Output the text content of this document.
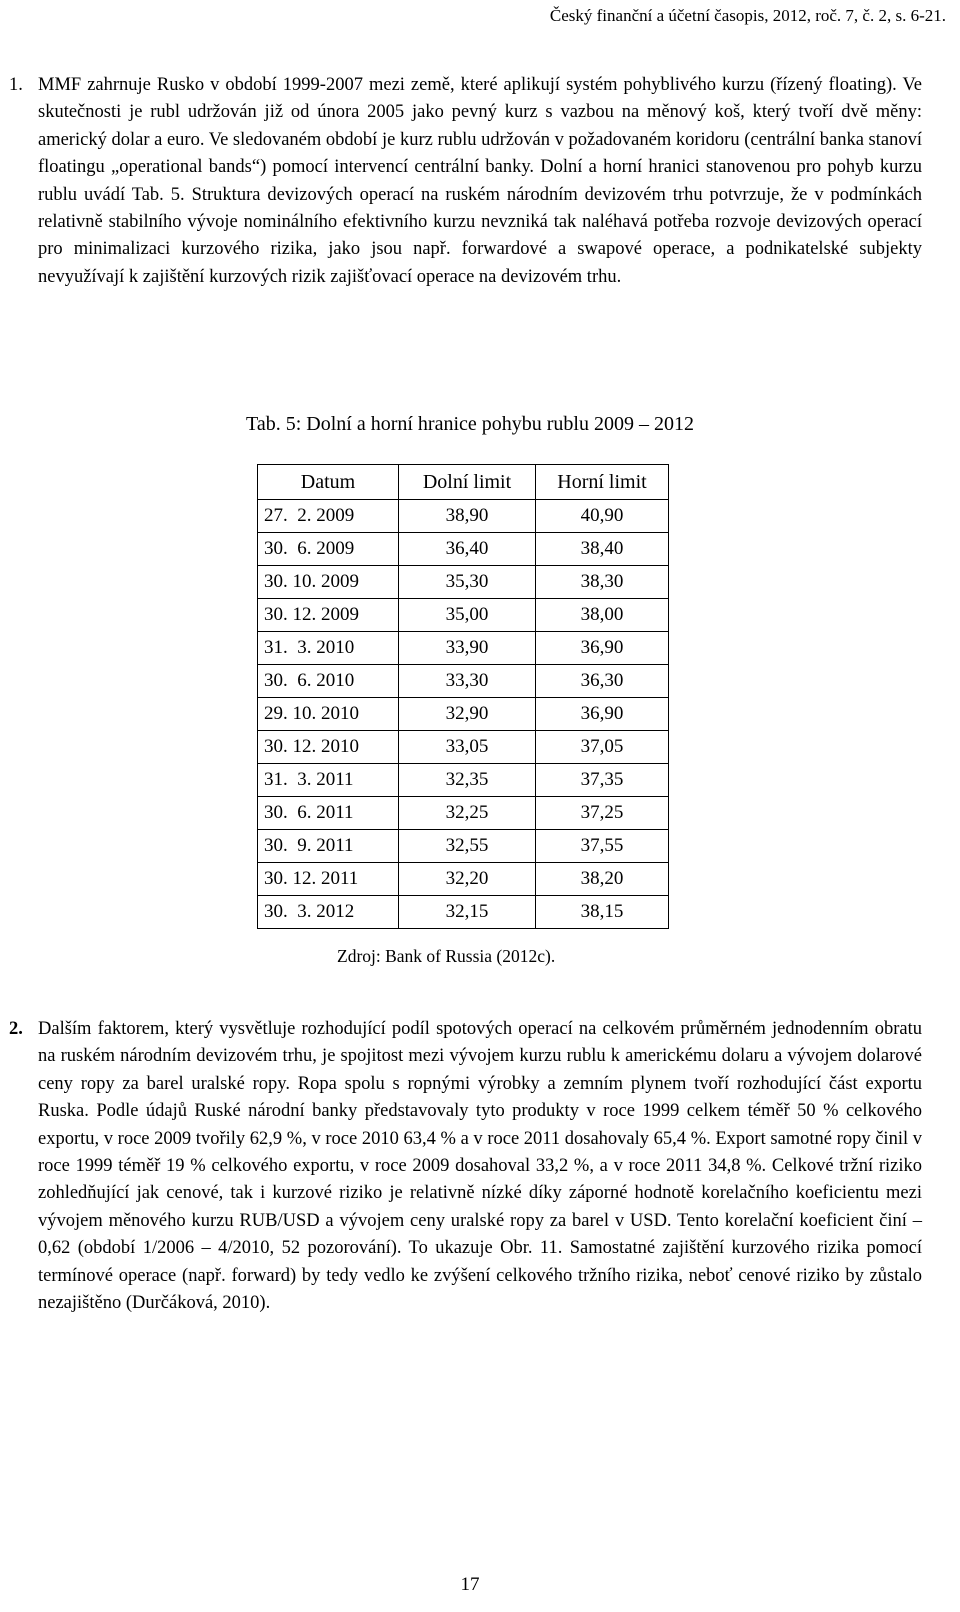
Český finanční a účetní časopis, 2012, roč. 7, č. 2, s. 6-21.
1. MMF zahrnuje Rusko v období 1999-2007 mezi země, které aplikují systém pohyblivého kurzu (řízený floating). Ve skutečnosti je rubl udržován již od února 2005 jako pevný kurz s vazbou na měnový koš, který tvoří dvě měny: americký dolar a euro. Ve sledovaném období je kurz rublu udržován v požadovaném koridoru (centrální banka stanoví floatingu „operational bands“) pomocí intervencí centrální banky. Dolní a horní hranici stanovenou pro pohyb kurzu rublu uvádí Tab. 5. Struktura devizových operací na ruském národním devizovém trhu potvrzuje, že v podmínkách relativně stabilního vývoje nominálního efektivního kurzu nevzniká tak naléhavá potřeba rozvoje devizových operací pro minimalizaci kurzového rizika, jako jsou např. forwardové a swapové operace, a podnikatelské subjekty nevyužívají k zajištění kurzových rizik zajišťovací operace na devizovém trhu.
Tab. 5: Dolní a horní hranice pohybu rublu 2009 – 2012
Datum	Dolní limit	Horní limit
27.  2. 2009	38,90	40,90
30.  6. 2009	36,40	38,40
30. 10. 2009	35,30	38,30
30. 12. 2009	35,00	38,00
31.  3. 2010	33,90	36,90
30.  6. 2010	33,30	36,30
29. 10. 2010	32,90	36,90
30. 12. 2010	33,05	37,05
31.  3. 2011	32,35	37,35
30.  6. 2011	32,25	37,25
30.  9. 2011	32,55	37,55
30. 12. 2011	32,20	38,20
30.  3. 2012	32,15	38,15
Zdroj: Bank of Russia (2012c).
2. Dalším faktorem, který vysvětluje rozhodující podíl spotových operací na celkovém průměrném jednodenním obratu na ruském národním devizovém trhu, je spojitost mezi vývojem kurzu rublu k americkému dolaru a vývojem dolarové ceny ropy za barel uralské ropy. Ropa spolu s ropnými výrobky a zemním plynem tvoří rozhodující část exportu Ruska. Podle údajů Ruské národní banky představovaly tyto produkty v roce 1999 celkem téměř 50 % celkového exportu, v roce 2009 tvořily 62,9 %, v roce 2010 63,4 % a v roce 2011 dosahovaly 65,4 %. Export samotné ropy činil v roce 1999 téměř 19 % celkového exportu, v roce 2009 dosahoval 33,2 %, a v roce 2011 34,8 %. Celkové tržní riziko zohledňující jak cenové, tak i kurzové riziko je relativně nízké díky záporné hodnotě korelačního koeficientu mezi vývojem měnového kurzu RUB/USD a vývojem ceny uralské ropy za barel v USD. Tento korelační koeficient činí –0,62 (období 1/2006 – 4/2010, 52 pozorování). To ukazuje Obr. 11. Samostatné zajištění kurzového rizika pomocí termínové operace (např. forward) by tedy vedlo ke zvýšení celkového tržního rizika, neboť cenové riziko by zůstalo nezajištěno (Durčáková, 2010).
17
